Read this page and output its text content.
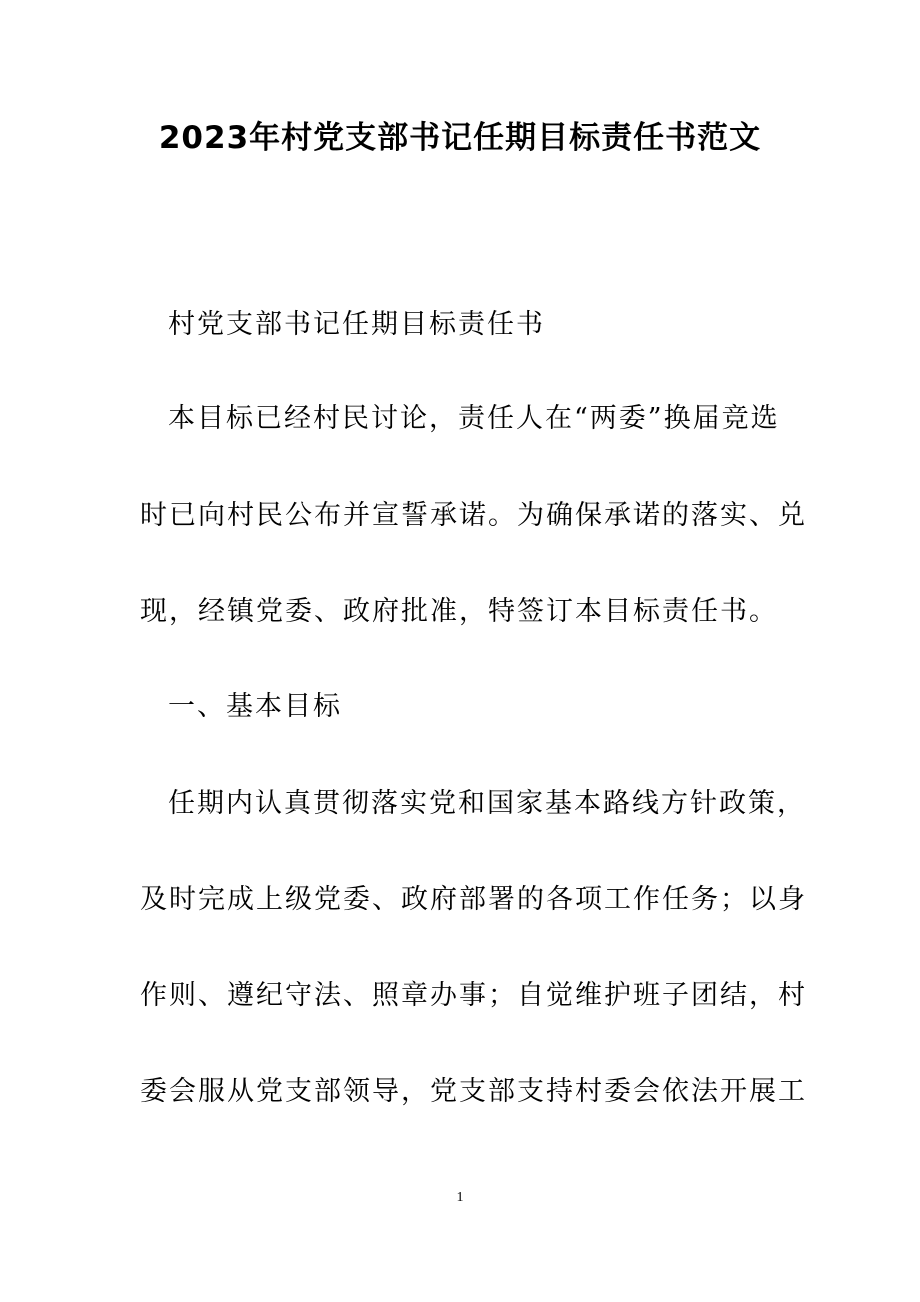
2023年村党支部书记任期目标责任书范文
村党支部书记任期目标责任书
本目标已经村民讨论，责任人在“两委”换届竞选
时已向村民公布并宣誓承诺。为确保承诺的落实、兑
现，经镇党委、政府批准，特签订本目标责任书。
一、基本目标
任期内认真贯彻落实党和国家基本路线方针政策，
及时完成上级党委、政府部署的各项工作任务；以身
作则、遵纪守法、照章办事；自觉维护班子团结，村
委会服从党支部领导，党支部支持村委会依法开展工
1
